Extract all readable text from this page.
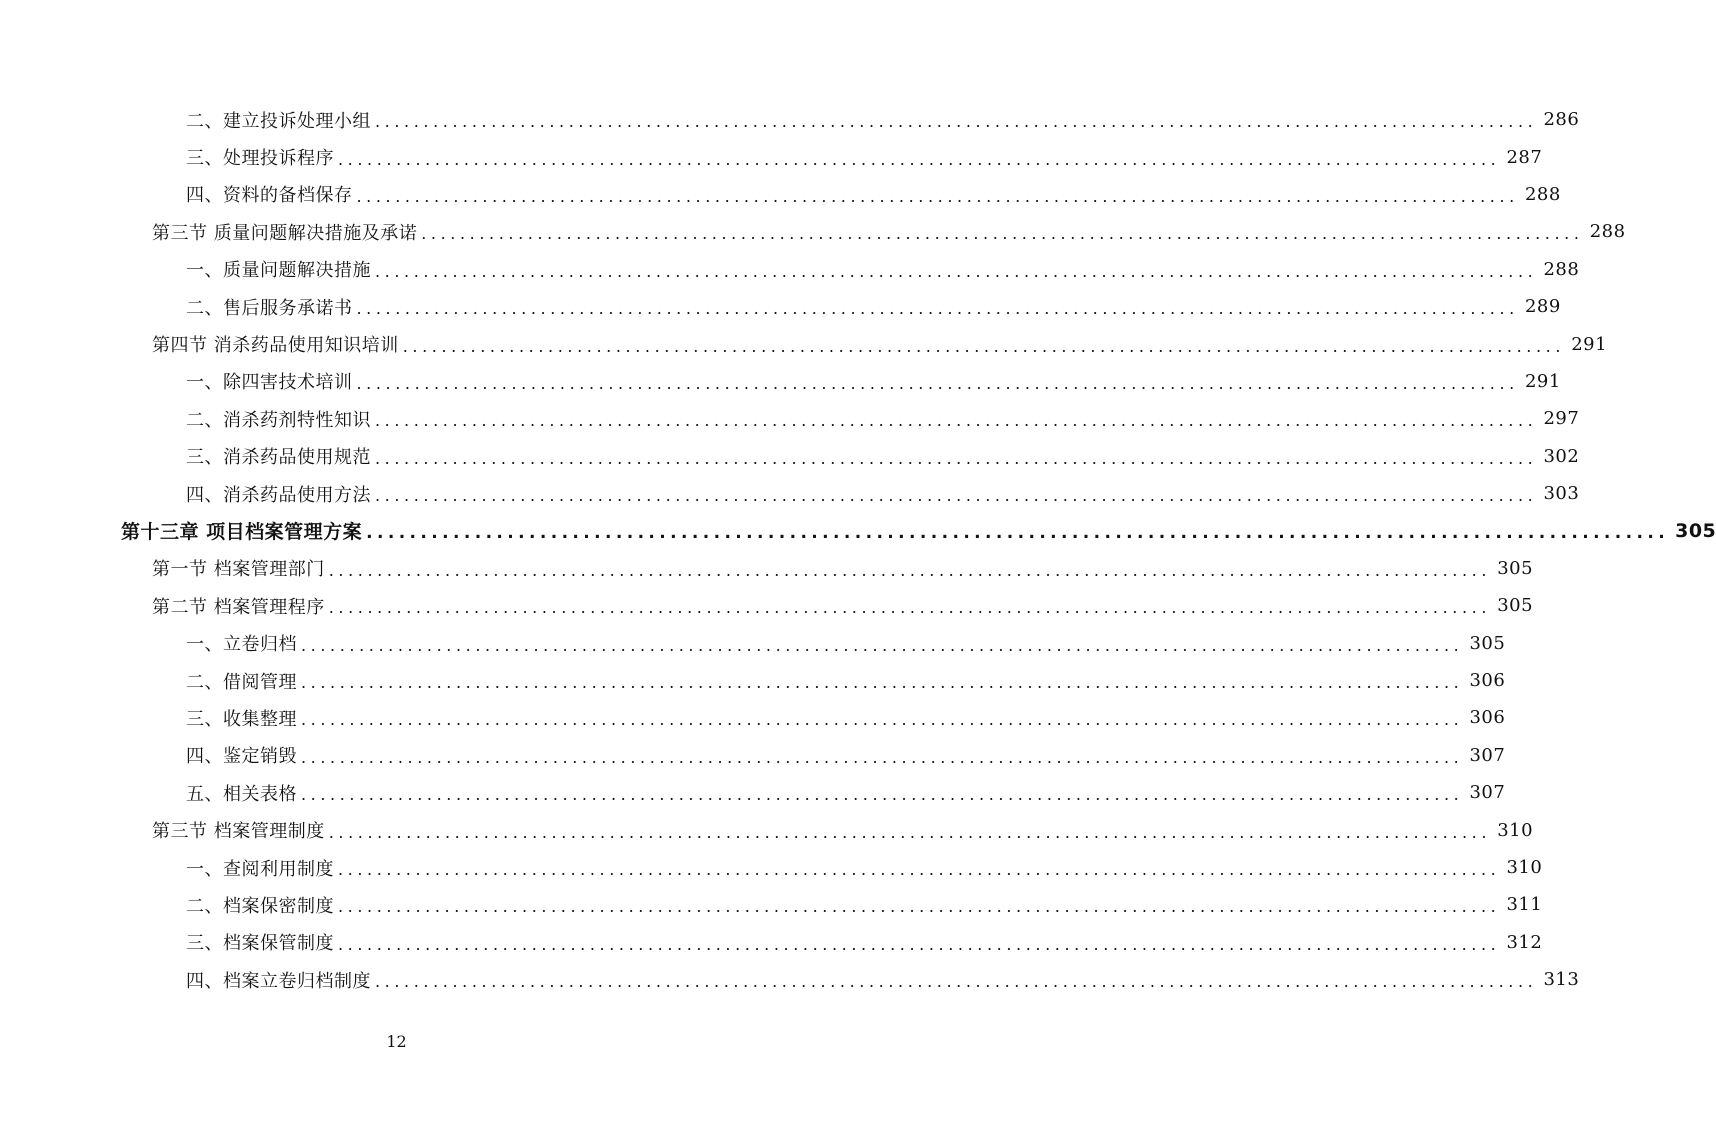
二、建立投诉处理小组 ........................................................................................................................ 286
三、处理投诉程序 ........................................................................................................................ 287
四、资料的备档保存 ........................................................................................................................ 288
第三节 质量问题解决措施及承诺 ........................................................................................................................ 288
一、质量问题解决措施 ........................................................................................................................ 288
二、售后服务承诺书 ........................................................................................................................ 289
第四节 消杀药品使用知识培训 ........................................................................................................................ 291
一、除四害技术培训 ........................................................................................................................ 291
二、消杀药剂特性知识 ........................................................................................................................ 297
三、消杀药品使用规范 ........................................................................................................................ 302
四、消杀药品使用方法 ........................................................................................................................ 303
第十三章 项目档案管理方案 ........................................................................................................................ 305
第一节 档案管理部门 ........................................................................................................................ 305
第二节 档案管理程序 ........................................................................................................................ 305
一、立卷归档 ........................................................................................................................ 305
二、借阅管理 ........................................................................................................................ 306
三、收集整理 ........................................................................................................................ 306
四、鉴定销毁 ........................................................................................................................ 307
五、相关表格 ........................................................................................................................ 307
第三节 档案管理制度 ........................................................................................................................ 310
一、查阅利用制度 ........................................................................................................................ 310
二、档案保密制度 ........................................................................................................................ 311
三、档案保管制度 ........................................................................................................................ 312
四、档案立卷归档制度 ........................................................................................................................ 313
12
